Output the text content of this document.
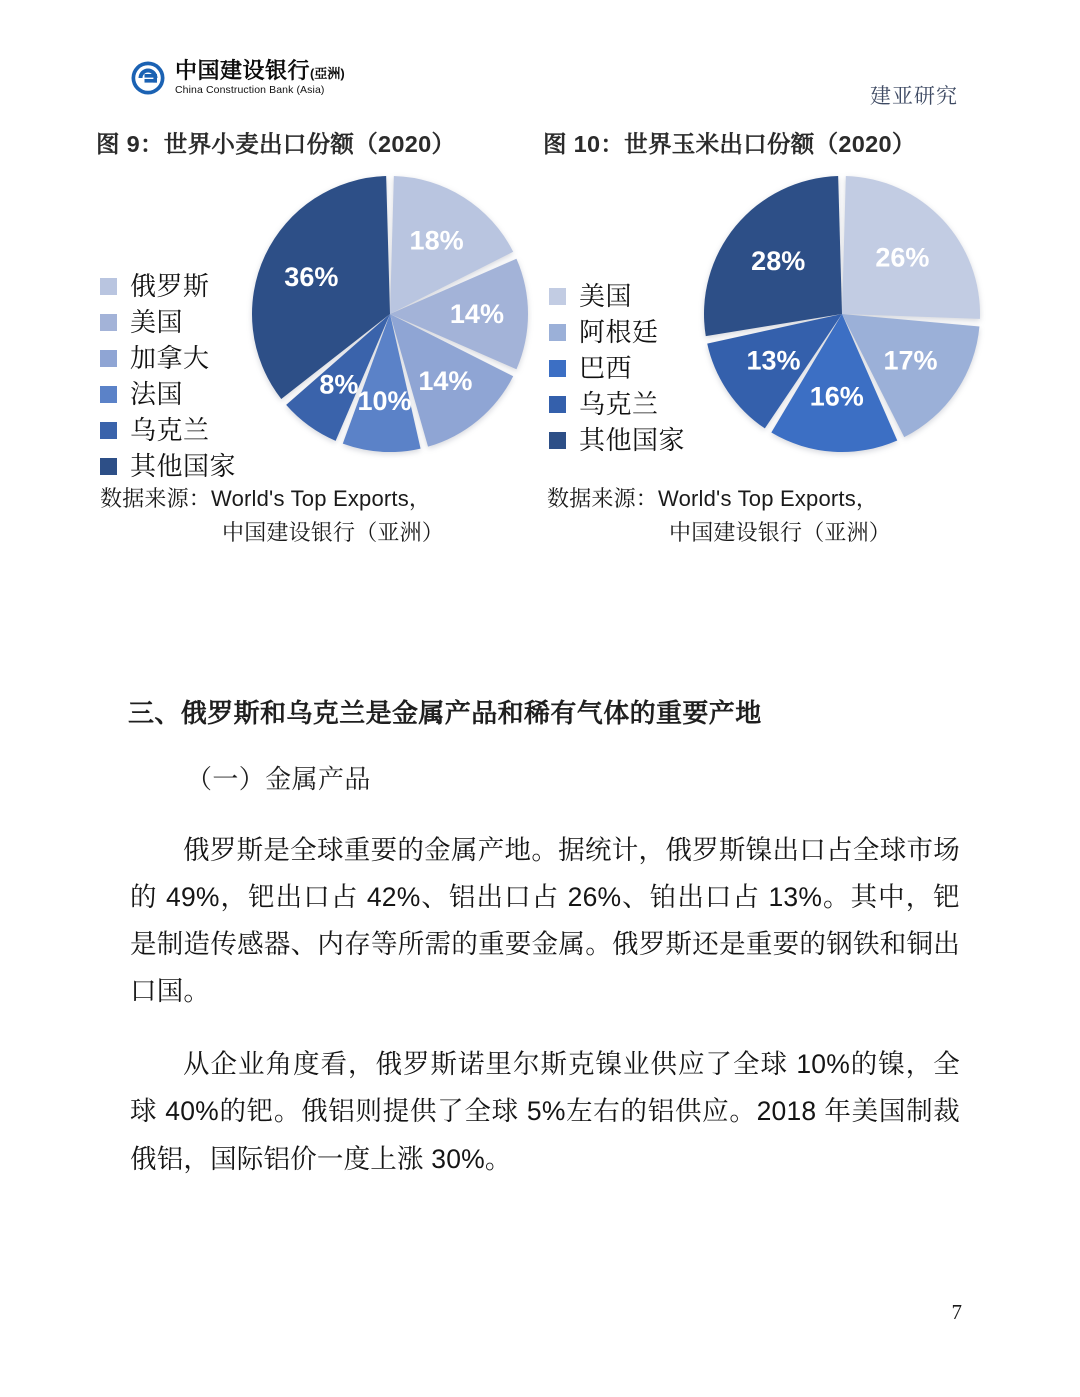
中国建设银行(亞洲)
China Construction Bank (Asia)	建亚研究
图 9：世界小麦出口份额（2020）
俄罗斯
美国
加拿大
法国
乌克兰
其他国家
18%
14%
14%
10%
8%
36%
数据来源：World's Top Exports，
中国建设银行（亚洲）
图 10：世界玉米出口份额（2020）
美国
阿根廷
巴西
乌克兰
其他国家
26%
17%
16%
13%
28%
数据来源：World's Top Exports，
中国建设银行（亚洲）
三、俄罗斯和乌克兰是金属产品和稀有气体的重要产地
（一）金属产品

俄罗斯是全球重要的金属产地。据统计，俄罗斯镍出口占全球市场的 49%，钯出口占 42%、铝出口占 26%、铂出口占 13%。其中，钯是制造传感器、内存等所需的重要金属。俄罗斯还是重要的钢铁和铜出口国。

从企业角度看，俄罗斯诺里尔斯克镍业供应了全球 10%的镍，全球 40%的钯。俄铝则提供了全球 5%左右的铝供应。2018 年美国制裁俄铝，国际铝价一度上涨 30%。

7
